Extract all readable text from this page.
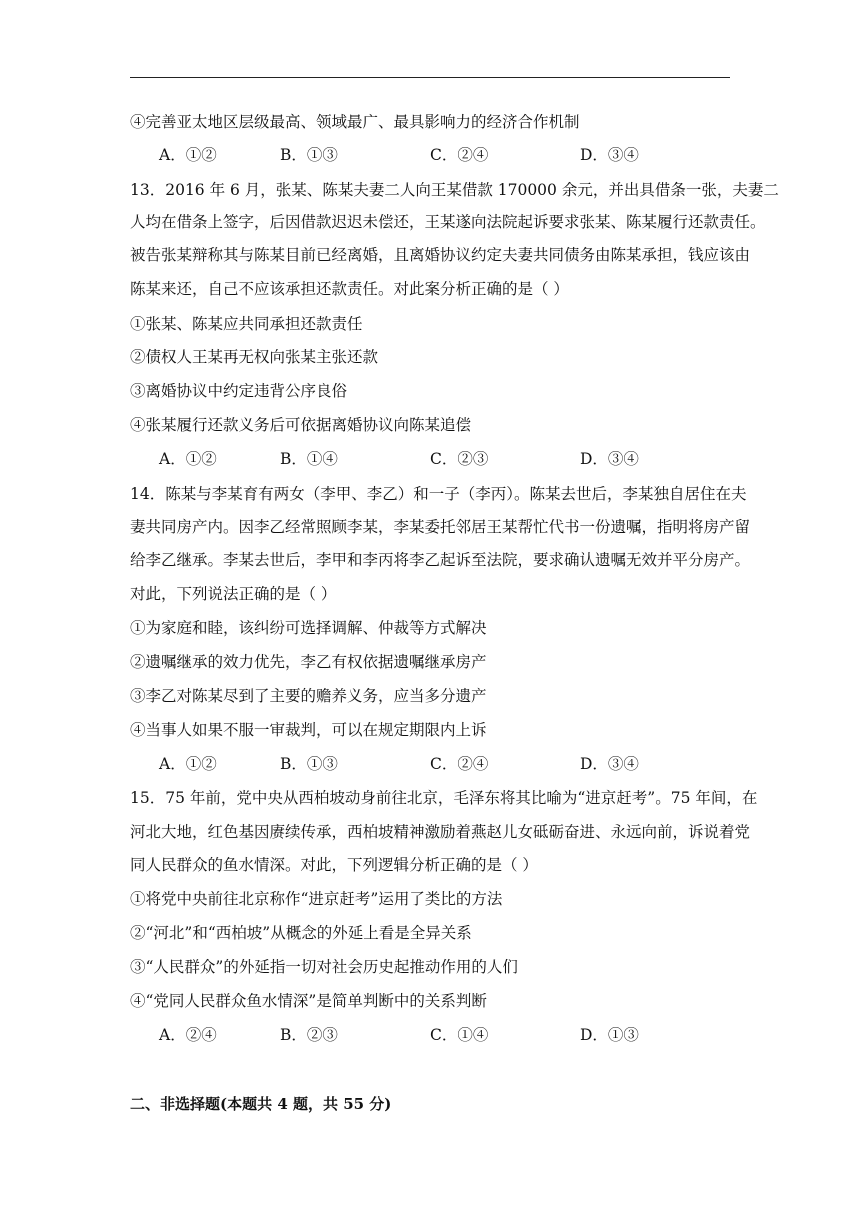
④完善亚太地区层级最高、领域最广、最具影响力的经济合作机制
A．①②	B．①③	C．②④	D．③④
13．2016 年 6 月，张某、陈某夫妻二人向王某借款 170000 余元，并出具借条一张，夫妻二
人均在借条上签字，后因借款迟迟未偿还，王某遂向法院起诉要求张某、陈某履行还款责任。
被告张某辩称其与陈某目前已经离婚，且离婚协议约定夫妻共同债务由陈某承担，钱应该由
陈某来还，自己不应该承担还款责任。对此案分析正确的是（ ）
①张某、陈某应共同承担还款责任
②债权人王某再无权向张某主张还款
③离婚协议中约定违背公序良俗
④张某履行还款义务后可依据离婚协议向陈某追偿
A．①②	B．①④	C．②③	D．③④
14．陈某与李某育有两女（李甲、李乙）和一子（李丙）。陈某去世后，李某独自居住在夫
妻共同房产内。因李乙经常照顾李某，李某委托邻居王某帮忙代书一份遗嘱，指明将房产留
给李乙继承。李某去世后，李甲和李丙将李乙起诉至法院，要求确认遗嘱无效并平分房产。
对此，下列说法正确的是（ ）
①为家庭和睦，该纠纷可选择调解、仲裁等方式解决
②遗嘱继承的效力优先，李乙有权依据遗嘱继承房产
③李乙对陈某尽到了主要的赡养义务，应当多分遗产
④当事人如果不服一审裁判，可以在规定期限内上诉
A．①②	B．①③	C．②④	D．③④
15．75 年前，党中央从西柏坡动身前往北京，毛泽东将其比喻为“进京赶考”。75 年间，在
河北大地，红色基因赓续传承，西柏坡精神激励着燕赵儿女砥砺奋进、永远向前，诉说着党
同人民群众的鱼水情深。对此，下列逻辑分析正确的是（ ）
①将党中央前往北京称作“进京赶考”运用了类比的方法
②“河北”和“西柏坡”从概念的外延上看是全异关系
③“人民群众”的外延指一切对社会历史起推动作用的人们
④“党同人民群众鱼水情深”是简单判断中的关系判断
A．②④	B．②③	C．①④	D．①③
二、非选择题(本题共 4 题，共 55 分)
